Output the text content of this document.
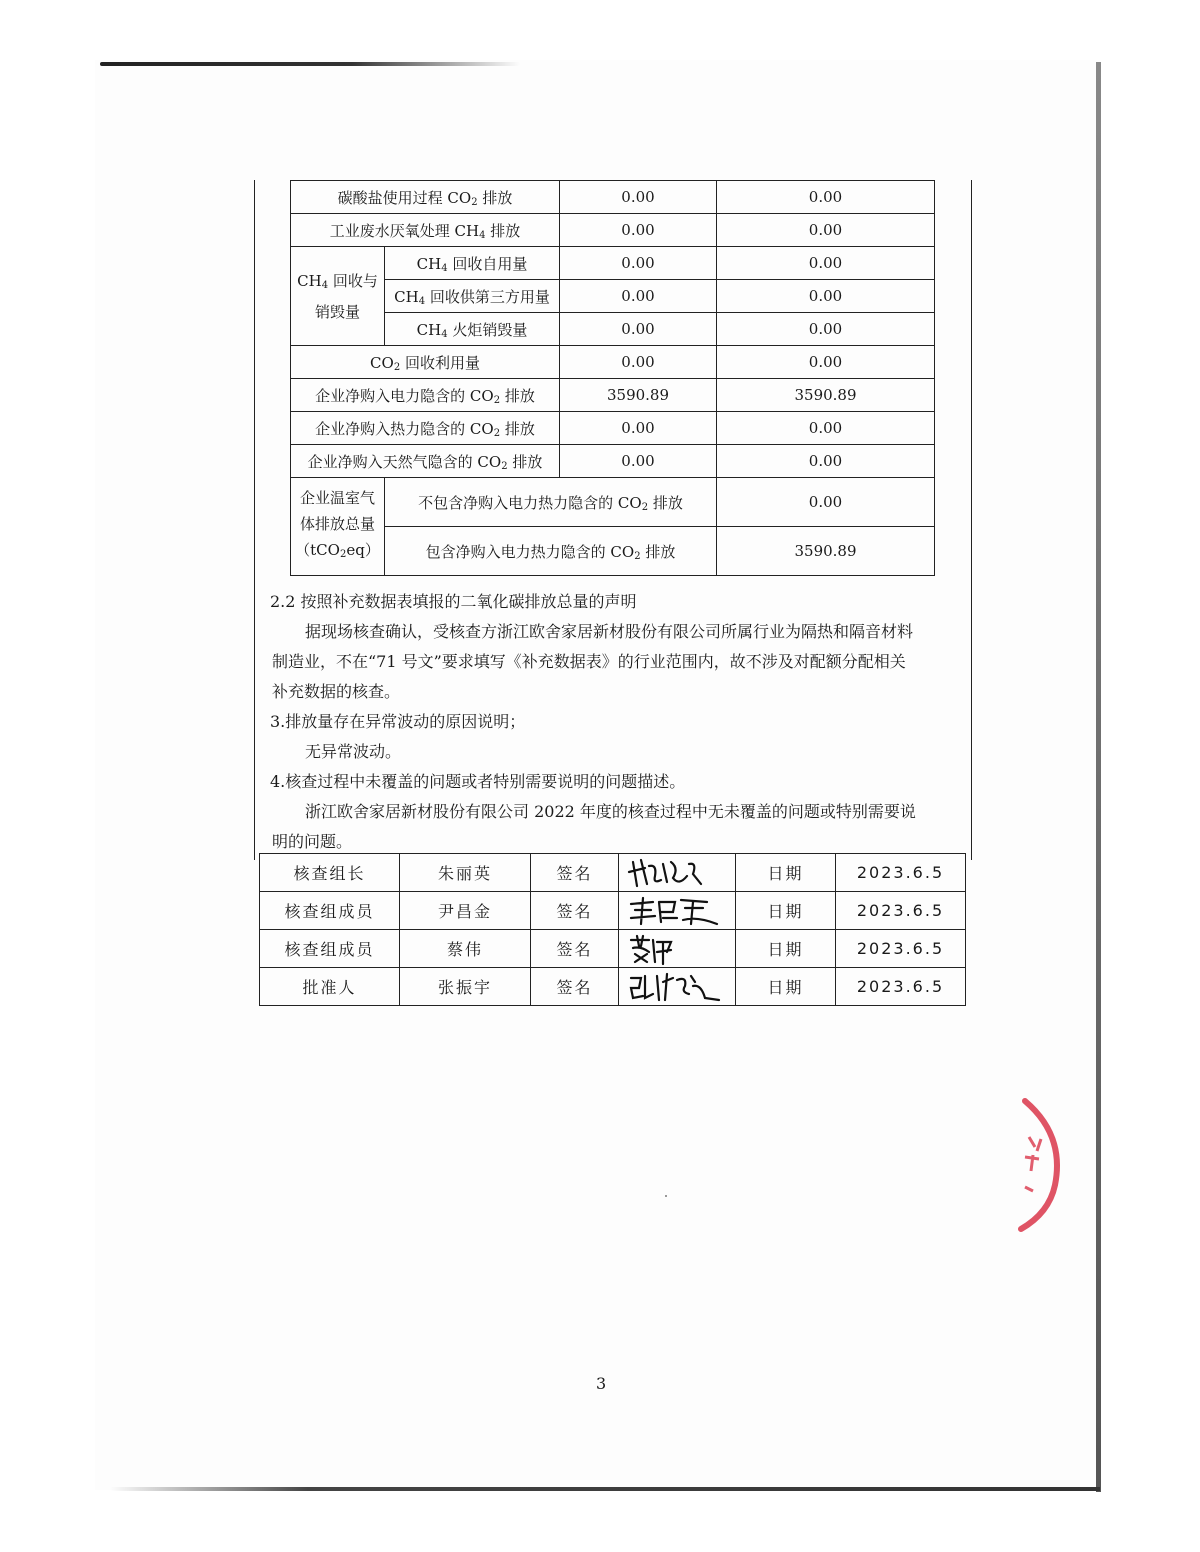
碳酸盐使用过程 $CO_2$ 排放		0.00	0.00
工业废水厌氧处理 $CH_4$ 排放		0.00	0.00
$CH_4$ 回收与
销毁量	$CH_4$ 回收自用量	0.00	0.00
	$CH_4$ 回收供第三方用量	0.00	0.00
	$CH_4$ 火炬销毁量	0.00	0.00
$CO_2$ 回收利用量		0.00	0.00
企业净购入电力隐含的 $CO_2$ 排放		3590.89	3590.89
企业净购入热力隐含的 $CO_2$ 排放		0.00	0.00
企业净购入天然气隐含的 $CO_2$ 排放		0.00	0.00
企业温室气
体排放总量
（tCO$_2$eq）	不包含净购入电力热力隐含的 $CO_2$ 排放		0.00
	包含净购入电力热力隐含的 $CO_2$ 排放		3590.89
2.2 按照补充数据表填报的二氧化碳排放总量的声明
据现场核查确认，受核查方浙江欧舍家居新材股份有限公司所属行业为隔热和隔音材料
制造业，不在“71 号文”要求填写《补充数据表》的行业范围内，故不涉及对配额分配相关
补充数据的核查。
3.排放量存在异常波动的原因说明；
无异常波动。
4.核查过程中未覆盖的问题或者特别需要说明的问题描述。
浙江欧舍家居新材股份有限公司 2022 年度的核查过程中无未覆盖的问题或特别需要说
明的问题。
核查组长	朱丽英	签名		日期	2023.6.5
核查组成员	尹昌金	签名		日期	2023.6.5
核查组成员	蔡伟	签名		日期	2023.6.5
批准人	张振宇	签名		日期	2023.6.5
3
